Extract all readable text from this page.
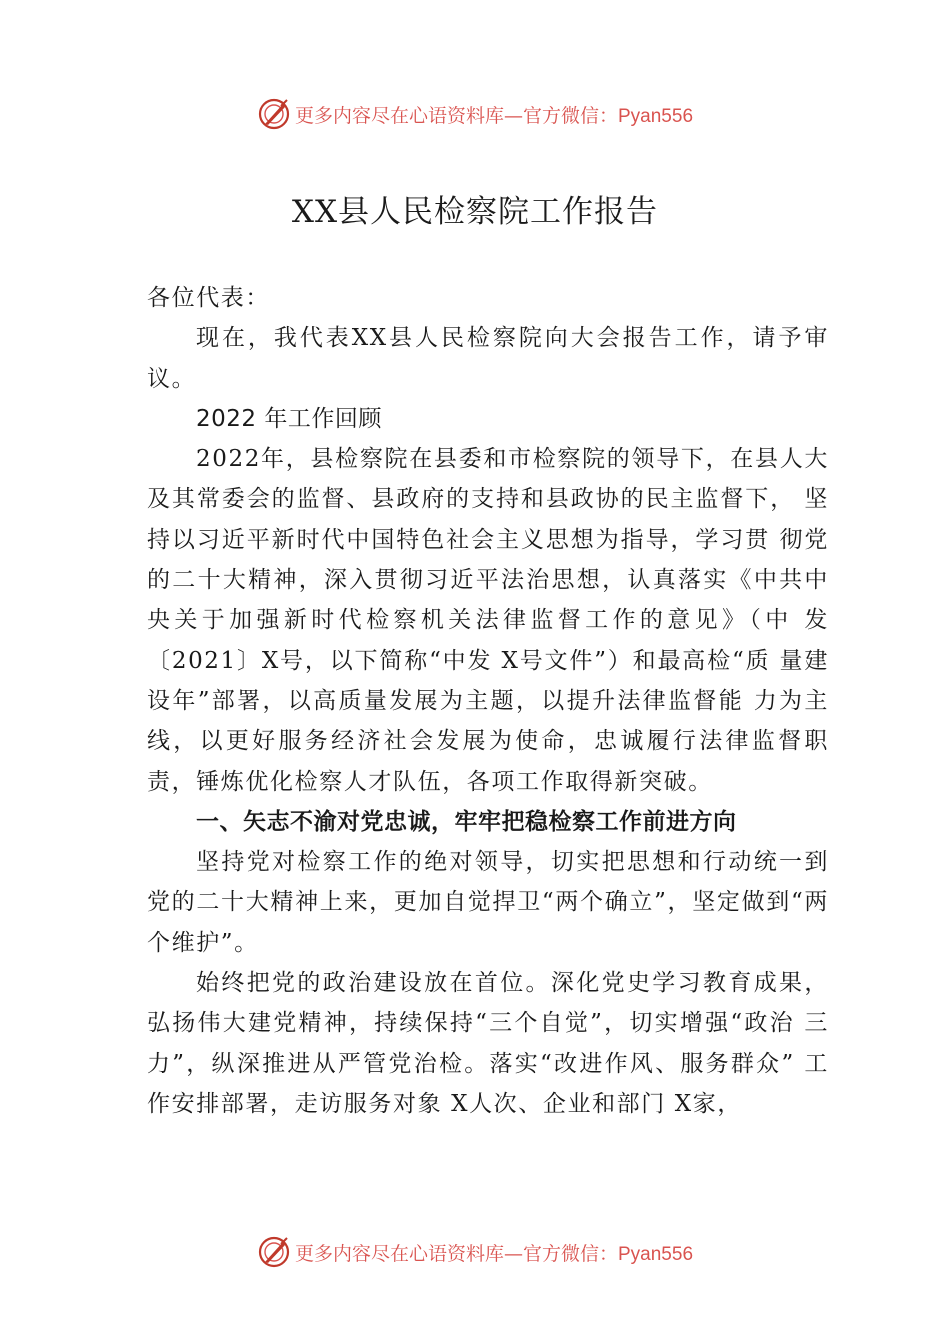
更多内容尽在心语资料库—官方微信：Pyan556
XX县人民检察院工作报告

各位代表：

现在，我代表XX县人民检察院向大会报告工作，请予审议。

2022 年工作回顾

2022年，县检察院在县委和市检察院的领导下，在县人大及其常委会的监督、县政府的支持和县政协的民主监督下， 坚持以习近平新时代中国特色社会主义思想为指导，学习贯 彻党的二十大精神，深入贯彻习近平法治思想，认真落实《中共中央关于加强新时代检察机关法律监督工作的意见》（中 发〔2021〕X号，以下简称“中发 X号文件”）和最高检“质 量建设年”部署，以高质量发展为主题，以提升法律监督能 力为主线，以更好服务经济社会发展为使命，忠诚履行法律监督职责，锤炼优化检察人才队伍，各项工作取得新突破。

一、矢志不渝对党忠诚，牢牢把稳检察工作前进方向

坚持党对检察工作的绝对领导，切实把思想和行动统一到党的二十大精神上来，更加自觉捍卫“两个确立”，坚定做到“两个维护”。

始终把党的政治建设放在首位。深化党史学习教育成果，弘扬伟大建党精神，持续保持“三个自觉”，切实增强“政治 三力”，纵深推进从严管党治检。落实“改进作风、服务群众” 工作安排部署，走访服务对象 X人次、企业和部门 X家，

更多内容尽在心语资料库—官方微信：Pyan556
